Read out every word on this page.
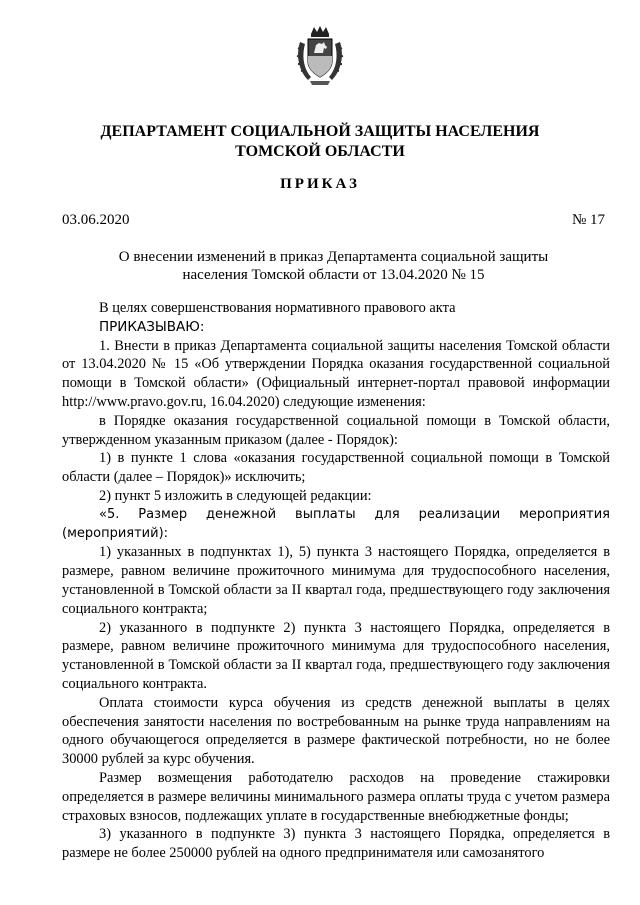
ДЕПАРТАМЕНТ СОЦИАЛЬНОЙ ЗАЩИТЫ НАСЕЛЕНИЯ
ТОМСКОЙ ОБЛАСТИ
ПРИКАЗ
03.06.2020	№ 17
О внесении изменений в приказ Департамента социальной защиты
населения Томской области от 13.04.2020 № 15

В целях совершенствования нормативного правового акта

ПРИКАЗЫВАЮ:

1. Внести в приказ Департамента социальной защиты населения Томской области от 13.04.2020 № 15 «Об утверждении Порядка оказания государственной социальной помощи в Томской области» (Официальный интернет-портал правовой информации http://www.pravo.gov.ru, 16.04.2020) следующие изменения:

в Порядке оказания государственной социальной помощи в Томской области, утвержденном указанным приказом (далее - Порядок):

1) в пункте 1 слова «оказания государственной социальной помощи в Томской области (далее – Порядок)» исключить;

2) пункт 5 изложить в следующей редакции:

«5. Размер денежной выплаты для реализации мероприятия (мероприятий):

1) указанных в подпунктах 1), 5) пункта 3 настоящего Порядка, определяется в размере, равном величине прожиточного минимума для трудоспособного населения, установленной в Томской области за II квартал года, предшествующего году заключения социального контракта;

2) указанного в подпункте 2) пункта 3 настоящего Порядка, определяется в размере, равном величине прожиточного минимума для трудоспособного населения, установленной в Томской области за II квартал года, предшествующего году заключения социального контракта.

Оплата стоимости курса обучения из средств денежной выплаты в целях обеспечения занятости населения по востребованным на рынке труда направлениям на одного обучающегося определяется в размере фактической потребности, но не более 30000 рублей за курс обучения.

Размер возмещения работодателю расходов на проведение стажировки определяется в размере величины минимального размера оплаты труда с учетом размера страховых взносов, подлежащих уплате в государственные внебюджетные фонды;

3) указанного в подпункте 3) пункта 3 настоящего Порядка, определяется в размере не более 250000 рублей на одного предпринимателя или самозанятого
